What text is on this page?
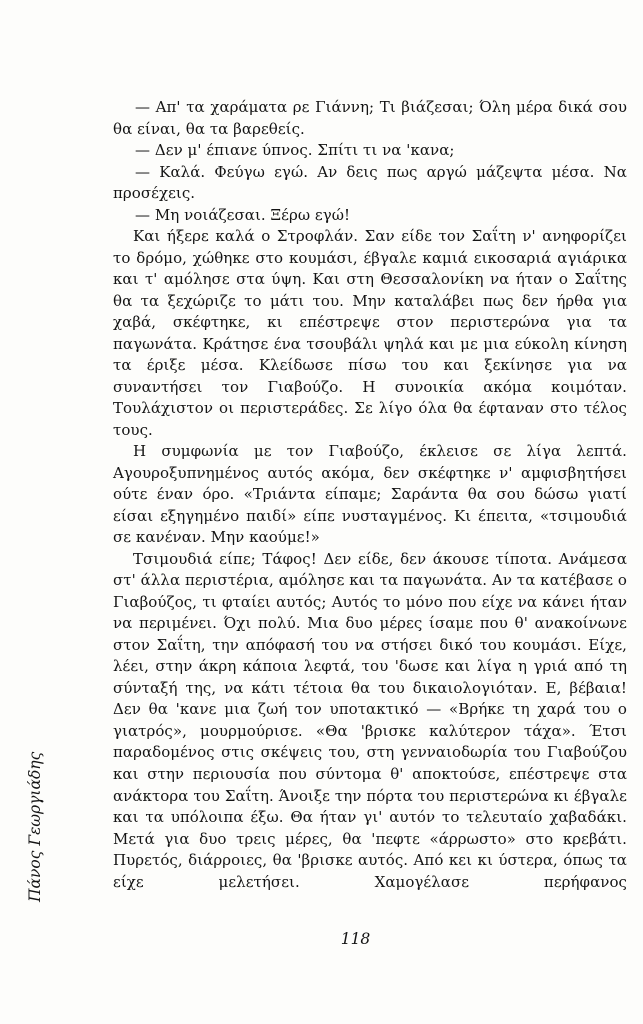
Πάνος Γεωργιάδης

— Απ' τα χαράματα ρε Γιάννη; Τι βιάζεσαι; Όλη μέρα δικά σου θα είναι, θα τα βαρεθείς.

— Δεν μ' έπιανε ύπνος. Σπίτι τι να 'κανα;

— Καλά. Φεύγω εγώ. Αν δεις πως αργώ μάζεψτα μέσα. Να προσέχεις.

— Μη νοιάζεσαι. Ξέρω εγώ!

Και ήξερε καλά ο Στροφλάν. Σαν είδε τον Σαΐτη ν' ανηφορίζει το δρόμο, χώθηκε στο κουμάσι, έβγαλε καμιά εικοσαριά αγιάρικα και τ' αμόλησε στα ύψη. Και στη Θεσσαλονίκη να ήταν ο Σαΐτης θα τα ξεχώριζε το μάτι του. Μην καταλάβει πως δεν ήρθα για χαβά, σκέφτηκε, κι επέστρεψε στον περιστερώνα για τα παγωνάτα. Κράτησε ένα τσουβάλι ψηλά και με μια εύκολη κίνηση τα έριξε μέσα. Κλείδωσε πίσω του και ξεκίνησε για να συναντήσει τον Γιαβούζο. Η συνοικία ακόμα κοιμόταν. Τουλάχιστον οι περιστεράδες. Σε λίγο όλα θα έφταναν στο τέλος τους.

Η συμφωνία με τον Γιαβούζο, έκλεισε σε λίγα λεπτά. Αγουροξυπνημένος αυτός ακόμα, δεν σκέφτηκε ν' αμφισβητήσει ούτε έναν όρο. «Τριάντα είπαμε; Σαράντα θα σου δώσω γιατί είσαι εξηγημένο παιδί» είπε νυσταγμένος. Κι έπειτα, «τσιμουδιά σε κανέναν. Μην καούμε!»

Τσιμουδιά είπε; Τάφος! Δεν είδε, δεν άκουσε τίποτα. Ανάμεσα στ' άλλα περιστέρια, αμόλησε και τα παγωνάτα. Αν τα κατέβασε ο Γιαβούζος, τι φταίει αυτός; Αυτός το μόνο που είχε να κάνει ήταν να περιμένει. Όχι πολύ. Μια δυο μέρες ίσαμε που θ' ανακοίνωνε στον Σαΐτη, την απόφασή του να στήσει δικό του κουμάσι. Είχε, λέει, στην άκρη κάποια λεφτά, του 'δωσε και λίγα η γριά από τη σύνταξή της, να κάτι τέτοια θα του δικαιολογιόταν. Ε, βέβαια! Δεν θα 'κανε μια ζωή τον υποτακτικό — «Βρήκε τη χαρά του ο γιατρός», μουρμούρισε. «Θα 'βρισκε καλύτερον τάχα». Έτσι παραδομένος στις σκέψεις του, στη γενναιοδωρία του Γιαβούζου και στην περιουσία που σύντομα θ' αποκτούσε, επέστρεψε στα ανάκτορα του Σαΐτη. Άνοιξε την πόρτα του περιστερώνα κι έβγαλε και τα υπόλοιπα έξω. Θα ήταν γι' αυτόν το τελευταίο χαβαδάκι. Μετά για δυο τρεις μέρες, θα 'πεφτε «άρρωστο» στο κρεβάτι. Πυρετός, διάρροιες, θα 'βρισκε αυτός. Από κει κι ύστερα, όπως τα είχε μελετήσει. Χαμογέλασε περήφανος

118
